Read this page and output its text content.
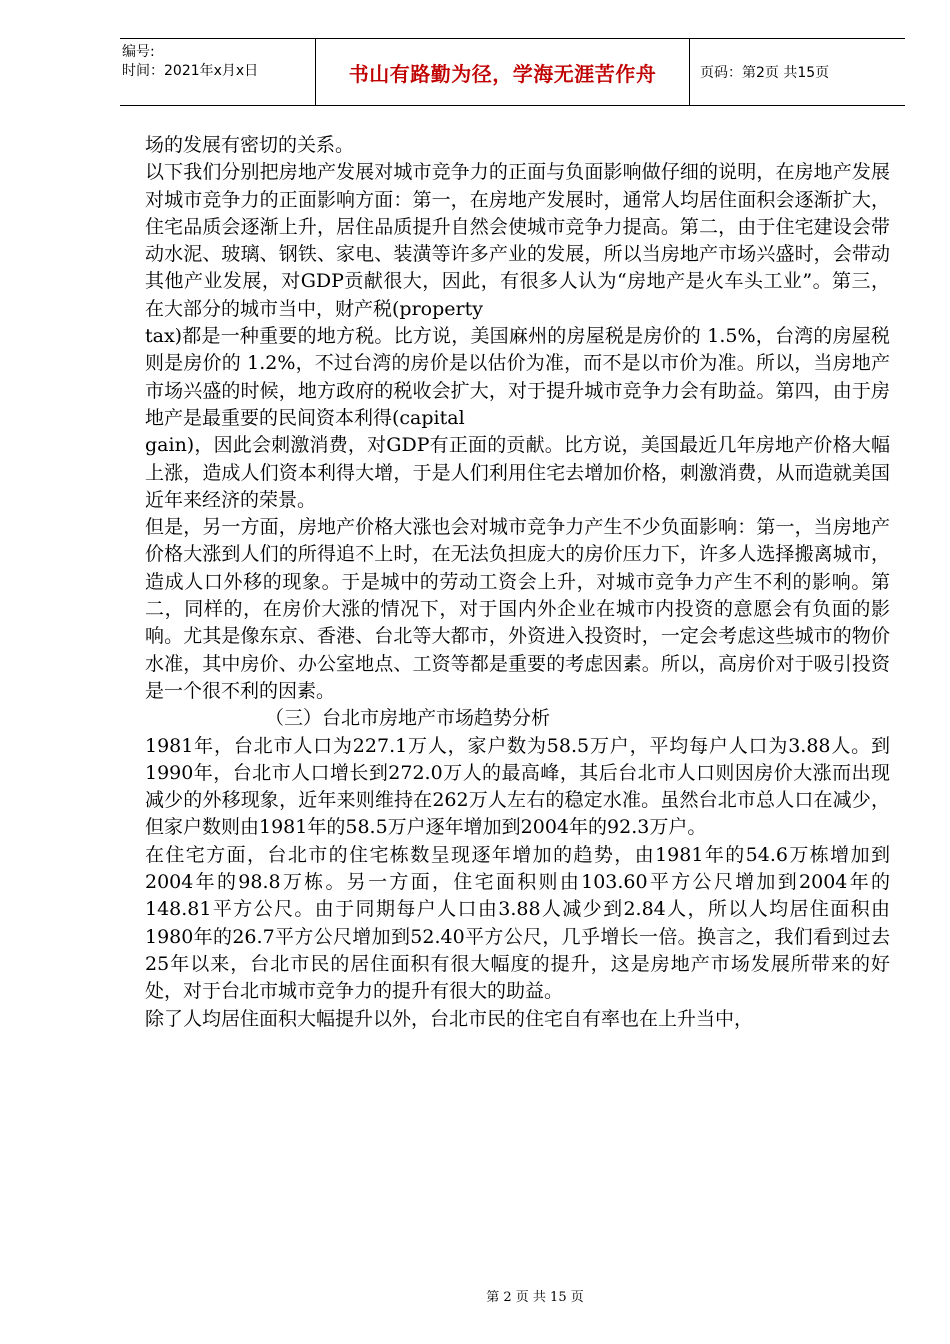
编号:
时间：2021年x月x日	书山有路勤为径，学海无涯苦作舟	页码：第2页 共15页

场的发展有密切的关系。

以下我们分别把房地产发展对城市竞争力的正面与负面影响做仔细的说明，在房地产发展对城市竞争力的正面影响方面：第一，在房地产发展时，通常人均居住面积会逐渐扩大，住宅品质会逐渐上升，居住品质提升自然会使城市竞争力提高。第二，由于住宅建设会带动水泥、玻璃、钢铁、家电、装潢等许多产业的发展，所以当房地产市场兴盛时，会带动其他产业发展，对GDP贡献很大，因此，有很多人认为“房地产是火车头工业”。第三，在大部分的城市当中，财产税(property

tax)都是一种重要的地方税。比方说，美国麻州的房屋税是房价的 1.5%，台湾的房屋税则是房价的 1.2%，不过台湾的房价是以估价为准，而不是以市价为准。所以，当房地产市场兴盛的时候，地方政府的税收会扩大，对于提升城市竞争力会有助益。第四，由于房地产是最重要的民间资本利得(capital

gain)，因此会刺激消费，对GDP有正面的贡献。比方说，美国最近几年房地产价格大幅上涨，造成人们资本利得大增，于是人们利用住宅去增加价格，刺激消费，从而造就美国近年来经济的荣景。

但是，另一方面，房地产价格大涨也会对城市竞争力产生不少负面影响：第一，当房地产价格大涨到人们的所得追不上时，在无法负担庞大的房价压力下，许多人选择搬离城市，造成人口外移的现象。于是城中的劳动工资会上升，对城市竞争力产生不利的影响。第二，同样的，在房价大涨的情况下，对于国内外企业在城市内投资的意愿会有负面的影响。尤其是像东京、香港、台北等大都市，外资进入投资时，一定会考虑这些城市的物价水准，其中房价、办公室地点、工资等都是重要的考虑因素。所以，高房价对于吸引投资是一个很不利的因素。

（三）台北市房地产市场趋势分析

1981年，台北市人口为227.1万人，家户数为58.5万户，平均每户人口为3.88人。到1990年，台北市人口增长到272.0万人的最高峰，其后台北市人口则因房价大涨而出现减少的外移现象，近年来则维持在262万人左右的稳定水准。虽然台北市总人口在减少，但家户数则由1981年的58.5万户逐年增加到2004年的92.3万户。

在住宅方面，台北市的住宅栋数呈现逐年增加的趋势，由1981年的54.6万栋增加到2004年的98.8万栋。另一方面，住宅面积则由103.60平方公尺增加到2004年的148.81平方公尺。由于同期每户人口由3.88人减少到2.84人，所以人均居住面积由1980年的26.7平方公尺增加到52.40平方公尺，几乎增长一倍。换言之，我们看到过去25年以来，台北市民的居住面积有很大幅度的提升，这是房地产市场发展所带来的好处，对于台北市城市竞争力的提升有很大的助益。

除了人均居住面积大幅提升以外，台北市民的住宅自有率也在上升当中，

第 2 页 共 15 页
